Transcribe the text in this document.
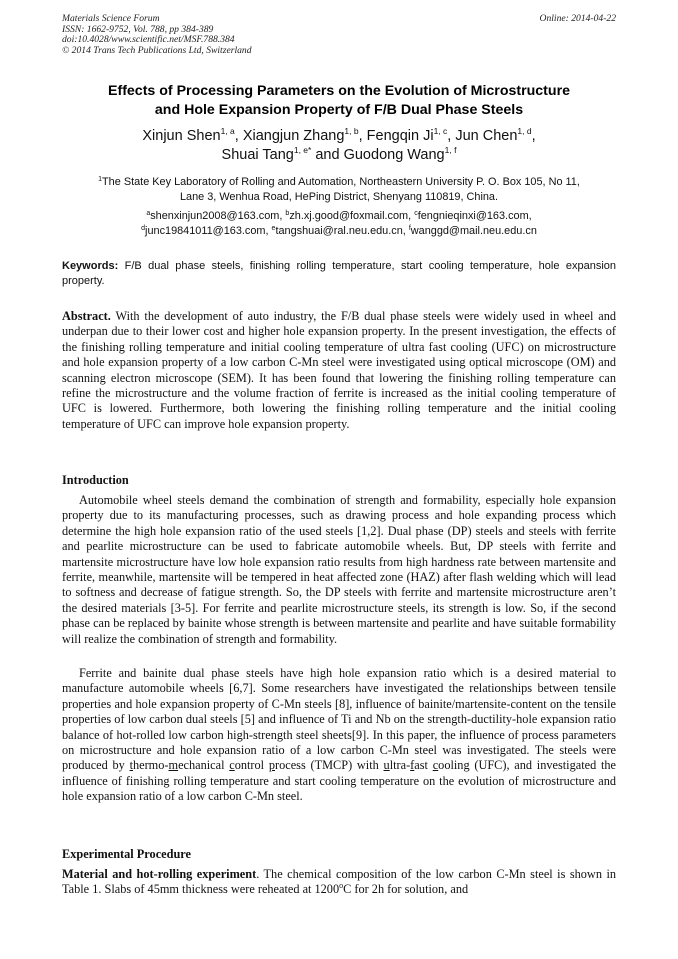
Materials Science Forum
ISSN: 1662-9752, Vol. 788, pp 384-389
doi:10.4028/www.scientific.net/MSF.788.384
© 2014 Trans Tech Publications Ltd, Switzerland
Online: 2014-04-22
Effects of Processing Parameters on the Evolution of Microstructure
and Hole Expansion Property of F/B Dual Phase Steels
Xinjun Shen$^{1, a}$, Xiangjun Zhang$^{1, b}$, Fengqin Ji$^{1, c}$, Jun Chen$^{1, d}$,
Shuai Tang$^{1, e*}$ and Guodong Wang$^{1, f}$
$^1$The State Key Laboratory of Rolling and Automation, Northeastern University P. O. Box 105, No 11,
Lane 3, Wenhua Road, HePing District, Shenyang 110819, China.
$^a$shenxinjun2008@163.com, $^b$zh.xj.good@foxmail.com, $^c$fengnieqinxi@163.com,
$^d$junc19841011@163.com, $^e$tangshuai@ral.neu.edu.cn, $^f$wanggd@mail.neu.edu.cn
Keywords: F/B dual phase steels, finishing rolling temperature, start cooling temperature, hole expansion property.
Abstract. With the development of auto industry, the F/B dual phase steels were widely used in wheel and underpan due to their lower cost and higher hole expansion property. In the present investigation, the effects of the finishing rolling temperature and initial cooling temperature of ultra fast cooling (UFC) on microstructure and hole expansion property of a low carbon C-Mn steel were investigated using optical microscope (OM) and scanning electron microscope (SEM). It has been found that lowering the finishing rolling temperature can refine the microstructure and the volume fraction of ferrite is increased as the initial cooling temperature of UFC is lowered. Furthermore, both lowering the finishing rolling temperature and the initial cooling temperature of UFC can improve hole expansion property.
Introduction
Automobile wheel steels demand the combination of strength and formability, especially hole expansion property due to its manufacturing processes, such as drawing process and hole expanding process which determine the high hole expansion ratio of the used steels [1,2]. Dual phase (DP) steels and steels with ferrite and pearlite microstructure can be used to fabricate automobile wheels. But, DP steels with ferrite and martensite microstructure have low hole expansion ratio results from high hardness rate between martensite and ferrite, meanwhile, martensite will be tempered in heat affected zone (HAZ) after flash welding which will lead to softness and decrease of fatigue strength. So, the DP steels with ferrite and martensite microstructure aren’t the desired materials [3-5]. For ferrite and pearlite microstructure steels, its strength is low. So, if the second phase can be replaced by bainite whose strength is between martensite and pearlite and have suitable formability will realize the combination of strength and formability.
Ferrite and bainite dual phase steels have high hole expansion ratio which is a desired material to manufacture automobile wheels [6,7]. Some researchers have investigated the relationships between tensile properties and hole expansion property of C-Mn steels [8], influence of bainite/martensite-content on the tensile properties of low carbon dual steels [5] and influence of Ti and Nb on the strength-ductility-hole expansion ratio balance of hot-rolled low carbon high-strength steel sheets[9]. In this paper, the influence of process parameters on microstructure and hole expansion ratio of a low carbon C-Mn steel was investigated. The steels were produced by thermo-mechanical control process (TMCP) with ultra-fast cooling (UFC), and investigated the influence of finishing rolling temperature and start cooling temperature on the evolution of microstructure and hole expansion ratio of a low carbon C-Mn steel.
Experimental Procedure
Material and hot-rolling experiment. The chemical composition of the low carbon C-Mn steel is shown in Table 1. Slabs of 45mm thickness were reheated at 1200$^o$C for 2h for solution, and
